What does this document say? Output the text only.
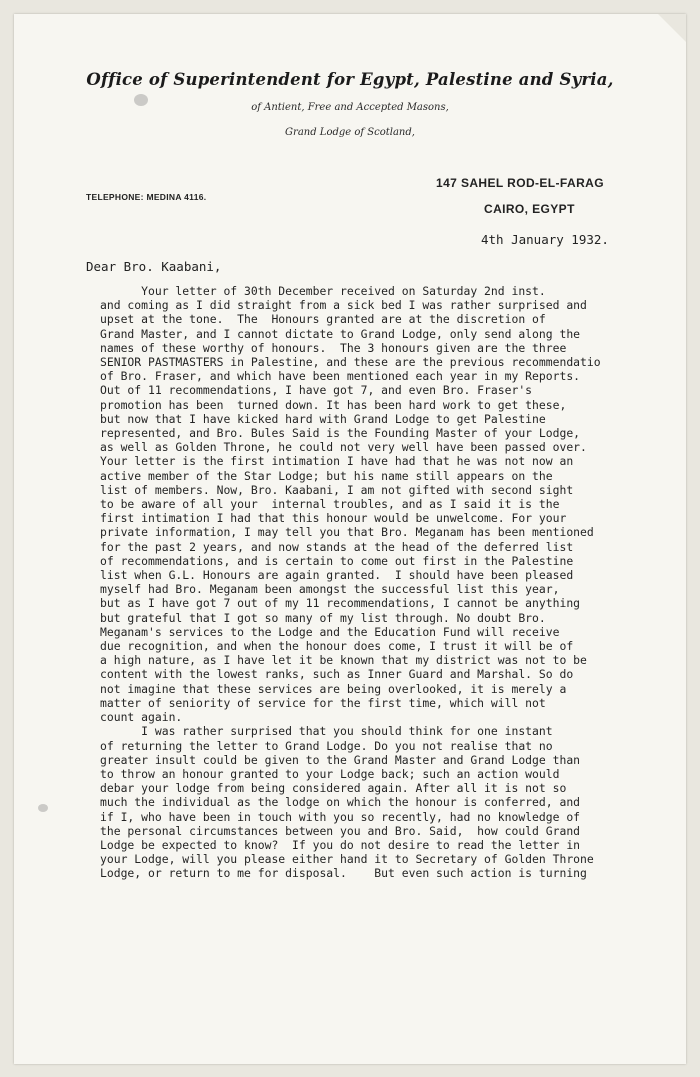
Office of Superintendent for Egypt, Palestine and Syria,
of Antient, Free and Accepted Masons,
Grand Lodge of Scotland,
TELEPHONE: MEDINA 4116.
147 SAHEL ROD-EL-FARAG
CAIRO, EGYPT
4th January 1932.
Dear Bro. Kaabani,
Your letter of 30th December received on Saturday 2nd inst.
and coming as I did straight from a sick bed I was rather surprised and
upset at the tone.  The  Honours granted are at the discretion of
Grand Master, and I cannot dictate to Grand Lodge, only send along the
names of these worthy of honours.  The 3 honours given are the three
SENIOR PASTMASTERS in Palestine, and these are the previous recommendatio
of Bro. Fraser, and which have been mentioned each year in my Reports.
Out of 11 recommendations, I have got 7, and even Bro. Fraser's
promotion has been  turned down. It has been hard work to get these,
but now that I have kicked hard with Grand Lodge to get Palestine
represented, and Bro. Bules Said is the Founding Master of your Lodge,
as well as Golden Throne, he could not very well have been passed over.
Your letter is the first intimation I have had that he was not now an
active member of the Star Lodge; but his name still appears on the
list of members. Now, Bro. Kaabani, I am not gifted with second sight
to be aware of all your  internal troubles, and as I said it is the
first intimation I had that this honour would be unwelcome. For your
private information, I may tell you that Bro. Meganam has been mentioned
for the past 2 years, and now stands at the head of the deferred list
of recommendations, and is certain to come out first in the Palestine
list when G.L. Honours are again granted.  I should have been pleased
myself had Bro. Meganam been amongst the successful list this year,
but as I have got 7 out of my 11 recommendations, I cannot be anything
but grateful that I got so many of my list through. No doubt Bro.
Meganam's services to the Lodge and the Education Fund will receive
due recognition, and when the honour does come, I trust it will be of
a high nature, as I have let it be known that my district was not to be
content with the lowest ranks, such as Inner Guard and Marshal. So do
not imagine that these services are being overlooked, it is merely a
matter of seniority of service for the first time, which will not
count again.
I was rather surprised that you should think for one instant
of returning the letter to Grand Lodge. Do you not realise that no
greater insult could be given to the Grand Master and Grand Lodge than
to throw an honour granted to your Lodge back; such an action would
debar your lodge from being considered again. After all it is not so
much the individual as the lodge on which the honour is conferred, and
if I, who have been in touch with you so recently, had no knowledge of
the personal circumstances between you and Bro. Said,  how could Grand
Lodge be expected to know?  If you do not desire to read the letter in
your Lodge, will you please either hand it to Secretary of Golden Throne
Lodge, or return to me for disposal.    But even such action is turning
